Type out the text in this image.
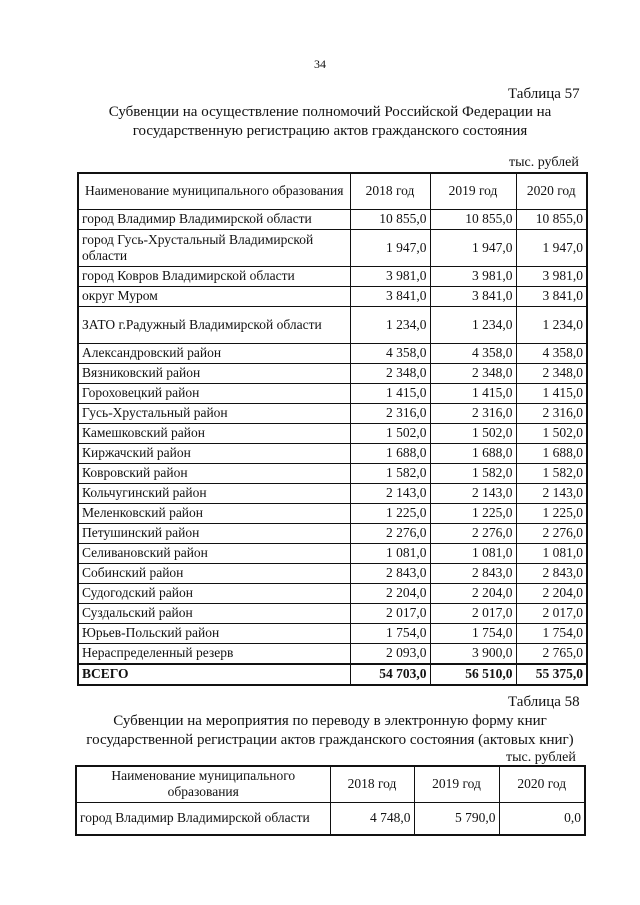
34
Таблица 57
Субвенции на осуществление полномочий Российской Федерации на
государственную регистрацию актов гражданского состояния
тыс. рублей
Наименование муниципального образования	2018 год	2019 год	2020 год
город Владимир Владимирской области	10 855,0	10 855,0	10 855,0
город Гусь-Хрустальный Владимирской области	1 947,0	1 947,0	1 947,0
город Ковров Владимирской области	3 981,0	3 981,0	3 981,0
округ Муром	3 841,0	3 841,0	3 841,0
ЗАТО г.Радужный Владимирской области	1 234,0	1 234,0	1 234,0
Александровский район	4 358,0	4 358,0	4 358,0
Вязниковский район	2 348,0	2 348,0	2 348,0
Гороховецкий район	1 415,0	1 415,0	1 415,0
Гусь-Хрустальный район	2 316,0	2 316,0	2 316,0
Камешковский район	1 502,0	1 502,0	1 502,0
Киржачский район	1 688,0	1 688,0	1 688,0
Ковровский район	1 582,0	1 582,0	1 582,0
Кольчугинский район	2 143,0	2 143,0	2 143,0
Меленковский район	1 225,0	1 225,0	1 225,0
Петушинский район	2 276,0	2 276,0	2 276,0
Селивановский район	1 081,0	1 081,0	1 081,0
Собинский район	2 843,0	2 843,0	2 843,0
Судогодский район	2 204,0	2 204,0	2 204,0
Суздальский район	2 017,0	2 017,0	2 017,0
Юрьев-Польский район	1 754,0	1 754,0	1 754,0
Нераспределенный резерв	2 093,0	3 900,0	2 765,0
ВСЕГО	54 703,0	56 510,0	55 375,0
Таблица 58
Субвенции на мероприятия по переводу в электронную форму книг
государственной регистрации актов гражданского состояния (актовых книг)
тыс. рублей
Наименование муниципального образования	2018 год	2019 год	2020 год
город Владимир Владимирской области	4 748,0	5 790,0	0,0
